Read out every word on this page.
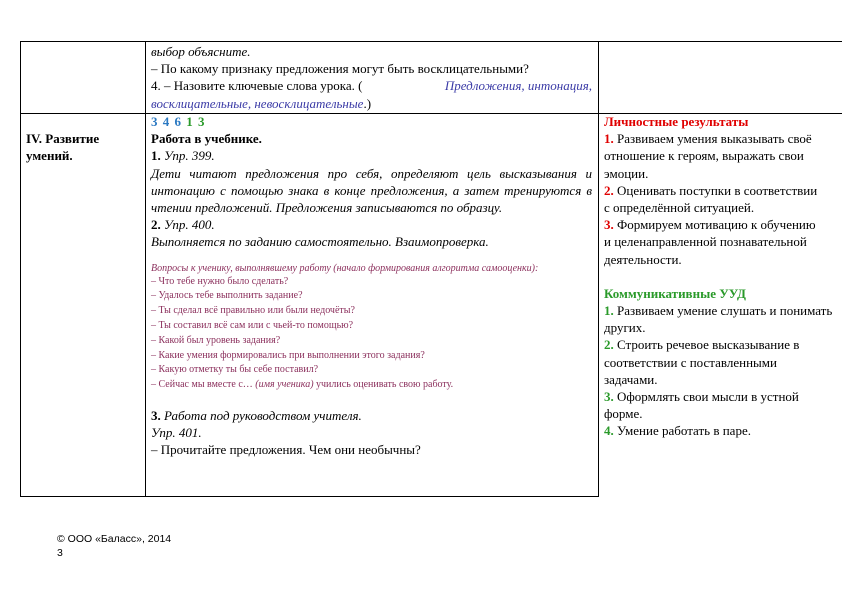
выбор объясните.

– По какому признаку предложения могут быть восклицательными?

4. – Назовите ключевые слова урока. (	Предложения, интонация,

восклицательные, невосклицательные.)

IV. Развитие

умений.

3 4 6 1 3

Работа в учебнике.

1. Упр. 399.

Дети читают предложения про себя, определяют цель высказывания и интонацию с помощью знака в конце предложения, а затем тренируются в чтении предложений. Предложения записываются по образцу.

2. Упр. 400.

Выполняется по заданию самостоятельно. Взаимопроверка.

Вопросы к ученику, выполнявшему работу (начало формирования алгоритма самооценки):

– Что тебе нужно было сделать?

– Удалось тебе выполнить задание?

– Ты сделал всё правильно или были недочёты?

– Ты составил всё сам или с чьей-то помощью?

– Какой был уровень задания?

– Какие умения формировались при выполнении этого задания?

– Какую отметку ты бы себе поставил?

– Сейчас мы вместе с… (имя ученика) учились оценивать свою работу.

3. Работа под руководством учителя.

Упр. 401.

– Прочитайте предложения. Чем они необычны?

Личностные результаты

1. Развиваем умения выказывать своё

отношение к героям, выражать свои

эмоции.

2. Оценивать поступки в соответствии

с определённой ситуацией.

3. Формируем мотивацию к обучению

и целенаправленной познавательной

деятельности.

Коммуникативные УУД

1. Развиваем умение слушать и понимать

других.

2. Строить речевое высказывание в

соответствии с поставленными

задачами.

3. Оформлять свои мысли в устной

форме.

4. Умение работать в паре.

© ООО «Баласс», 2014
3
